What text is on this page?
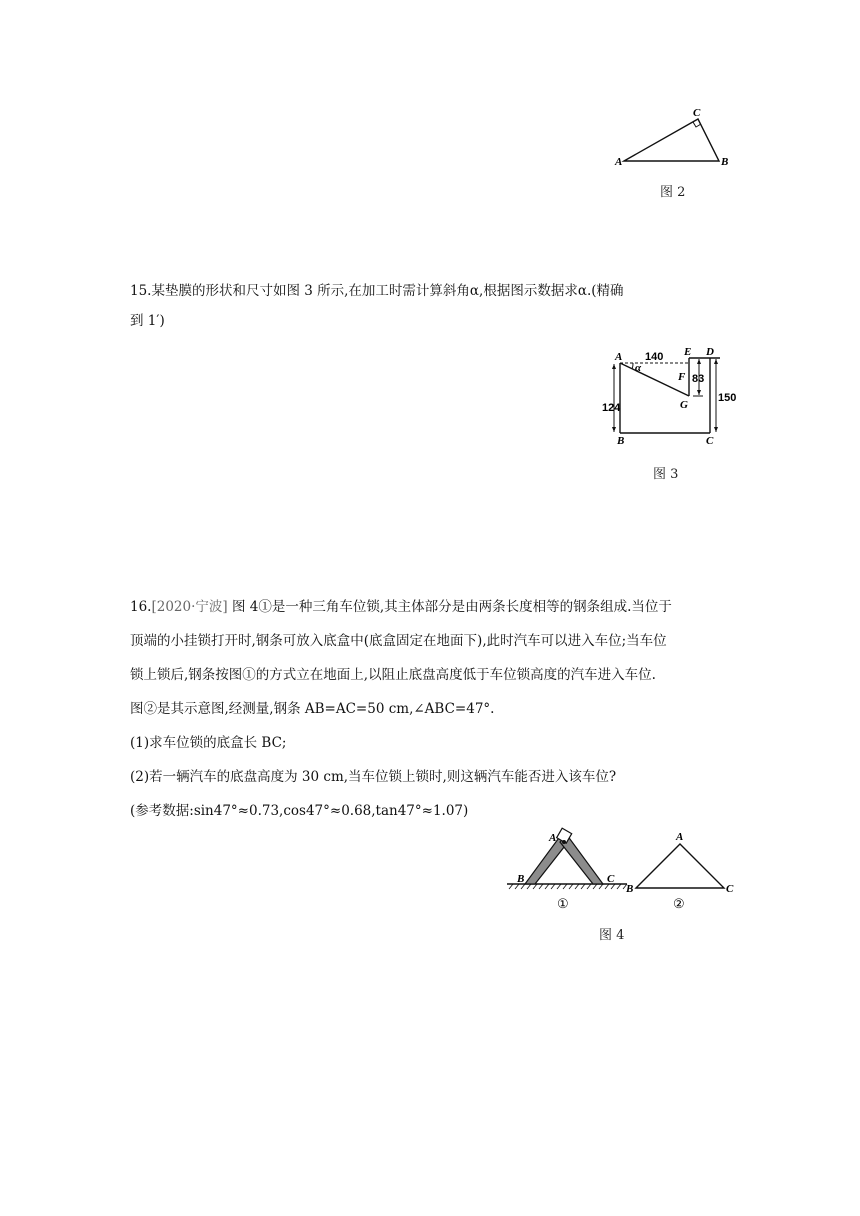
A
C
B
图 2
15.某垫膜的形状和尺寸如图 3 所示,在加工时需计算斜角α,根据图示数据求α.(精确
到 1′)
A	E D
F
G
B	C
α
140
124
83
150
图 3
16.[2020·宁波] 图 4①是一种三角车位锁,其主体部分是由两条长度相等的钢条组成.当位于
顶端的小挂锁打开时,钢条可放入底盒中(底盒固定在地面下),此时汽车可以进入车位;当车位
锁上锁后,钢条按图①的方式立在地面上,以阻止底盘高度低于车位锁高度的汽车进入车位.
图②是其示意图,经测量,钢条 AB=AC=50 cm,∠ABC=47°.
(1)求车位锁的底盒长 BC;
(2)若一辆汽车的底盘高度为 30 cm,当车位锁上锁时,则这辆汽车能否进入该车位?
(参考数据:sin47°≈0.73,cos47°≈0.68,tan47°≈1.07)
A
B	C
①
A
B	C
②
图 4
